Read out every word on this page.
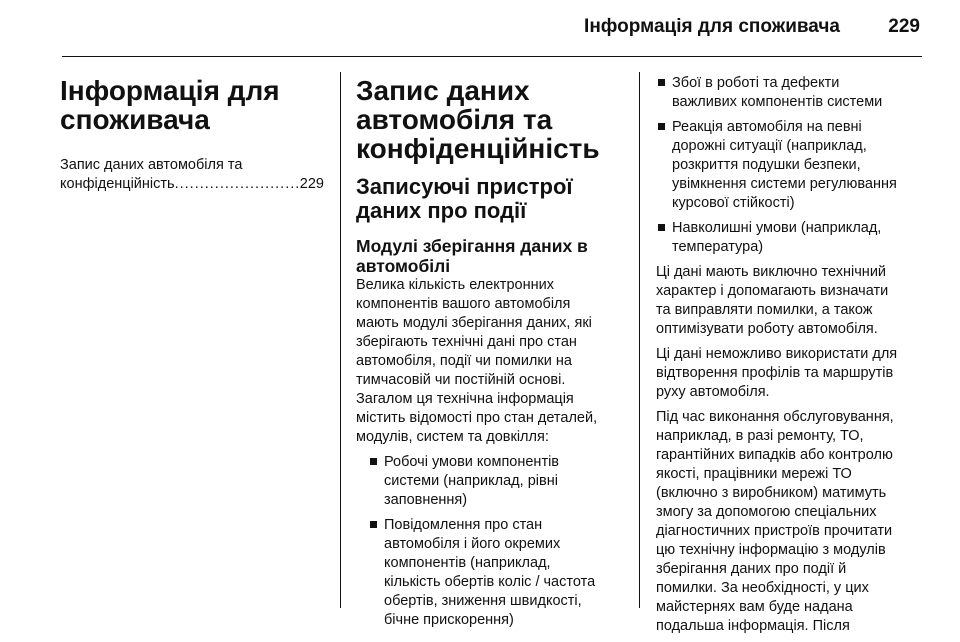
Інформація для споживача	229
Інформація для
споживача
Запис даних автомобіля та
конфіденційність
.....	229
Запис даних
автомобіля та
конфіденційність
Записуючі пристрої
даних про події
Модулі зберігання даних в
автомобілі

Велика кількість електронних
компонентів вашого автомобіля
мають модулі зберігання даних, які
зберігають технічні дані про стан
автомобіля, події чи помилки на
тимчасовій чи постійній основі.
Загалом ця технічна інформація
містить відомості про стан деталей,
модулів, систем та довкілля:

Робочі умови компонентів
системи (наприклад, рівні
заповнення)
Повідомлення про стан
автомобіля і його окремих
компонентів (наприклад,
кількість обертів коліс / частота
обертів, зниження швидкості,
бічне прискорення)
Збої в роботі та дефекти
важливих компонентів системи
Реакція автомобіля на певні
дорожні ситуації (наприклад,
розкриття подушки безпеки,
увімкнення системи регулювання
курсової стійкості)
Навколишні умови (наприклад,
температура)

Ці дані мають виключно технічний
характер і допомагають визначати
та виправляти помилки, а також
оптимізувати роботу автомобіля.

Ці дані неможливо використати для
відтворення профілів та маршрутів
руху автомобіля.

Під час виконання обслуговування,
наприклад, в разі ремонту, ТО,
гарантійних випадків або контролю
якості, працівники мережі ТО
(включно з виробником) матимуть
змогу за допомогою спеціальних
діагностичних пристроїв прочитати
цю технічну інформацію з модулів
зберігання даних про події й
помилки. За необхідності, у цих
майстернях вам буде надана
подальша інформація. Після
